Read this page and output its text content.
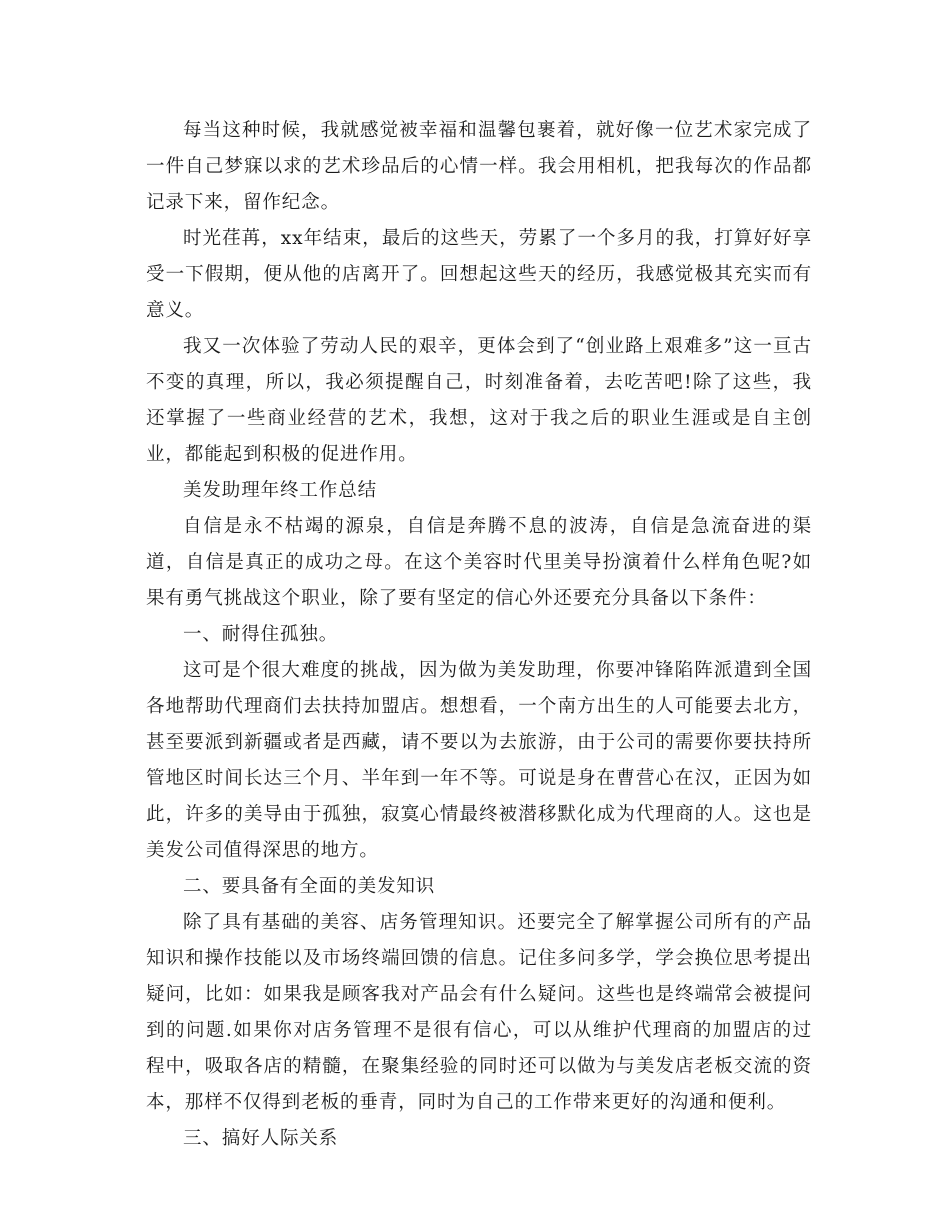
每当这种时候，我就感觉被幸福和温馨包裹着，就好像一位艺术家完成了一件自己梦寐以求的艺术珍品后的心情一样。我会用相机，把我每次的作品都记录下来，留作纪念。

时光荏苒，xx年结束，最后的这些天，劳累了一个多月的我，打算好好享受一下假期，便从他的店离开了。回想起这些天的经历，我感觉极其充实而有意义。

我又一次体验了劳动人民的艰辛，更体会到了“创业路上艰难多”这一亘古不变的真理，所以，我必须提醒自己，时刻准备着，去吃苦吧!除了这些，我还掌握了一些商业经营的艺术，我想，这对于我之后的职业生涯或是自主创业，都能起到积极的促进作用。

美发助理年终工作总结

自信是永不枯竭的源泉，自信是奔腾不息的波涛，自信是急流奋进的渠道，自信是真正的成功之母。在这个美容时代里美导扮演着什么样角色呢?如果有勇气挑战这个职业，除了要有坚定的信心外还要充分具备以下条件：

一、耐得住孤独。

这可是个很大难度的挑战，因为做为美发助理，你要冲锋陷阵派遣到全国各地帮助代理商们去扶持加盟店。想想看，一个南方出生的人可能要去北方，甚至要派到新疆或者是西藏，请不要以为去旅游，由于公司的需要你要扶持所管地区时间长达三个月、半年到一年不等。可说是身在曹营心在汉，正因为如此，许多的美导由于孤独，寂寞心情最终被潜移默化成为代理商的人。这也是美发公司值得深思的地方。

二、要具备有全面的美发知识

除了具有基础的美容、店务管理知识。还要完全了解掌握公司所有的产品知识和操作技能以及市场终端回馈的信息。记住多问多学，学会换位思考提出疑问，比如：如果我是顾客我对产品会有什么疑问。这些也是终端常会被提问到的问题.如果你对店务管理不是很有信心，可以从维护代理商的加盟店的过程中，吸取各店的精髓，在聚集经验的同时还可以做为与美发店老板交流的资本，那样不仅得到老板的垂青，同时为自己的工作带来更好的沟通和便利。

三、搞好人际关系
